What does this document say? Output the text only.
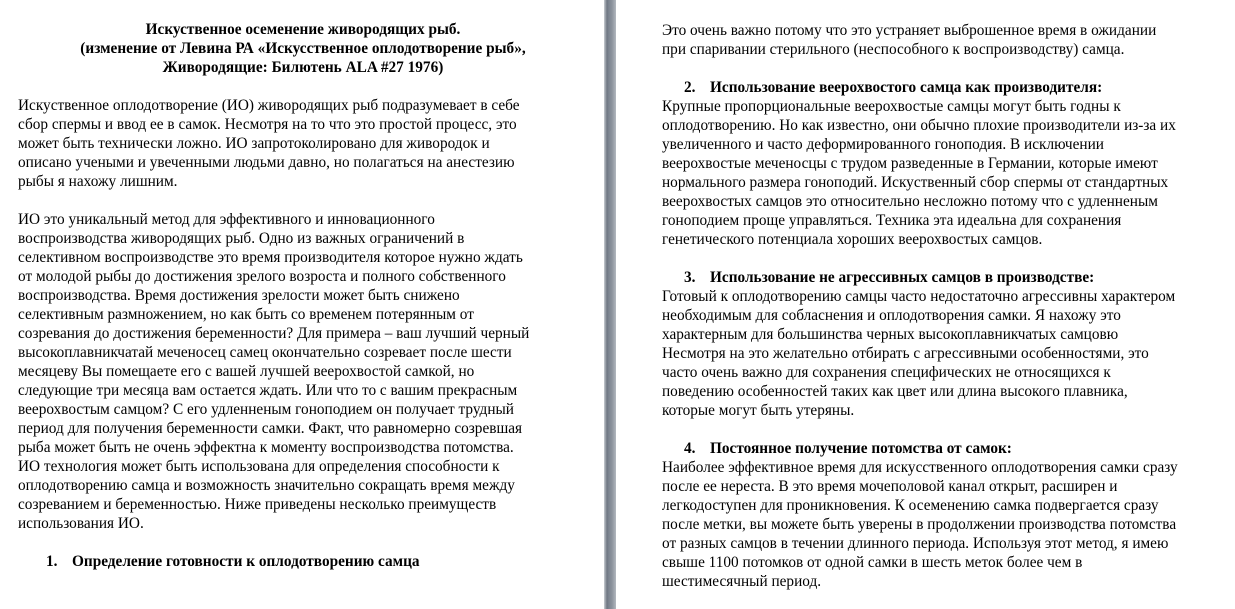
Искуственное осеменение живородящих рыб.
(изменение от Левина РА «Искусственное оплодотворение рыб»,
Живородящие: Билютень ALA #27 1976)

Искуственное оплодотворение (ИО) живородящих рыб подразумевает в себе

сбор спермы и ввод ее в самок. Несмотря на то что это простой процесс, это

может быть технически ложно. ИО запротоколировано для живородок и

описано учеными и увеченными людьми давно, но полагаться на анестезию

рыбы я нахожу лишним.

ИО это уникальный метод для эффективного и инновационного

воспроизводства живородящих рыб. Одно из важных ограничений в

селективном воспроизводстве это время производителя которое нужно ждать

от молодой рыбы до достижения зрелого возроста и полного собственного

воспроизводства. Время достижения зрелости может быть снижено

селективным размножением, но как быть со временем потерянным от

созревания до достижения беременности? Для примера – ваш лучший черный

высокоплавникчатай меченосец самец окончательно созревает после шести

месяцеву Вы помещаете его с вашей лучшей веерохвостой самкой, но

следующие три месяца вам остается ждать. Или что то с вашим прекрасным

веерохвостым самцом? С его удленненым гоноподием он получает трудный

период для получения беременности самки. Факт, что равномерно созревшая

рыба может быть не очень эффектна к моменту воспроизводства потомства.

ИО технология может быть использована для определения способности к

оплодотворению самца и возможность значительно сокращать время между

созреванием и беременностью. Ниже приведены несколько преимуществ

использования ИО.

1. Определение готовности к оплодотворению самца

Это очень важно потому что это устраняет выброшенное время в ожидании

при спаривании стерильного (неспособного к воспроизводству) самца.

2. Использование веерохвостого самца как производителя:

Крупные пропорциональные веерохвостые самцы могут быть годны к

оплодотворению. Но как известно, они обычно плохие производители из-за их

увеличенного и часто деформированного гоноподия. В исключении

веерохвостые меченосцы с трудом разведенные в Германии, которые имеют

нормального размера гоноподий. Искуственный сбор спермы от стандартных

веерохвостых самцов это относительно несложно потому что с удленненым

гоноподием проще управляться. Техника эта идеальна для сохранения

генетического потенциала хороших веерохвостых самцов.

3. Использование не агрессивных самцов в производстве:

Готовый к оплодотворению самцы часто недостаточно агрессивны характером

необходимым для собласнения и оплодотворения самки. Я нахожу это

характерным для большинства черных высокоплавникчатых самцовю

Несмотря на это желательно отбирать с агрессивными особенностями, это

часто очень важно для сохранения специфических не относящихся к

поведению особенностей таких как цвет или длина высокого плавника,

которые могут быть утеряны.

4. Постоянное получение потомства от самок:

Наиболее эффективное время для искусственного оплодотворения самки сразу

после ее нереста. В это время мочеполовой канал открыт, расширен и

легкодоступен для проникновения. К осеменению самка подвергается сразу

после метки, вы можете быть уверены в продолжении производства потомства

от разных самцов в течении длинного периода. Используя этот метод, я имею

свыше 1100 потомков от одной самки в шесть меток более чем в

шестимесячный период.
